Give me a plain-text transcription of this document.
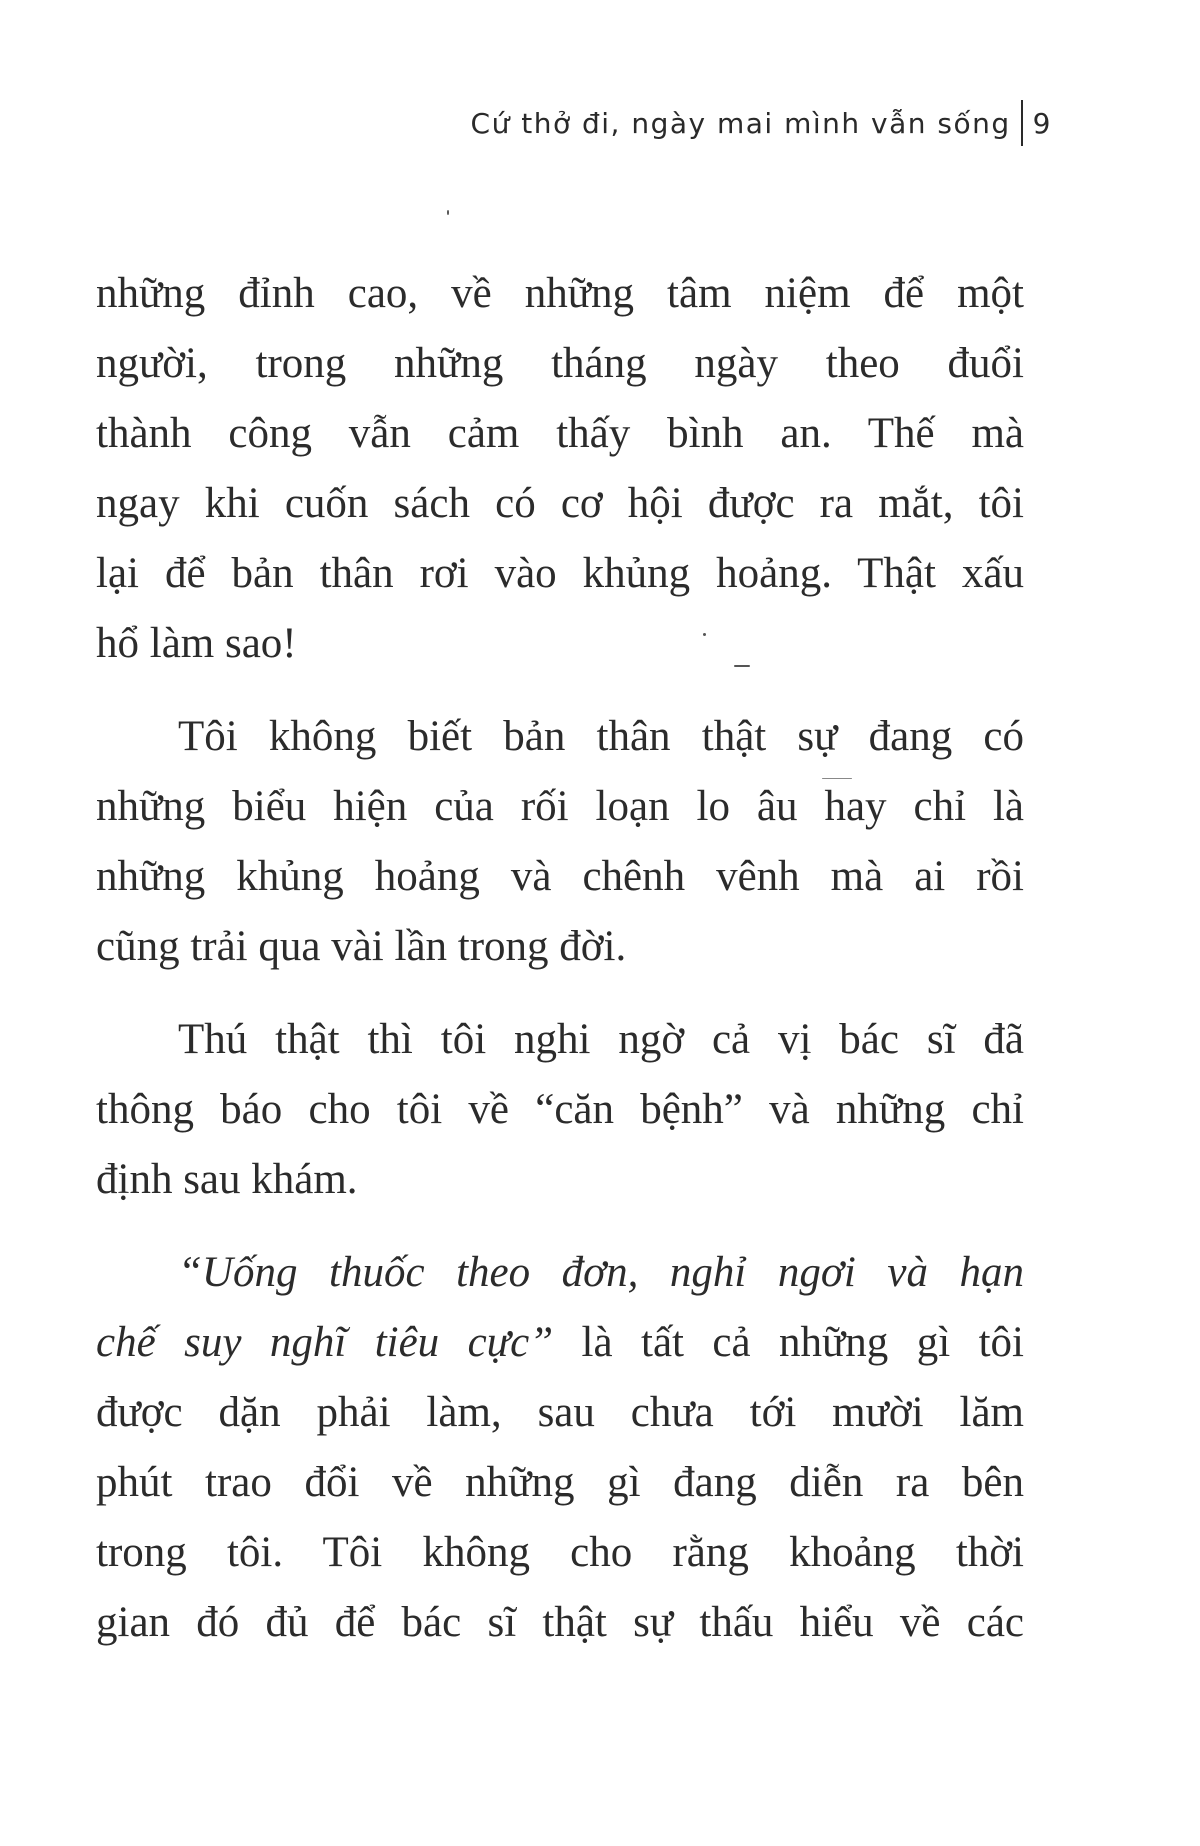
Cứ thở đi, ngày mai mình vẫn sống 9
những đỉnh cao, về những tâm niệm để một
người, trong những tháng ngày theo đuổi
thành công vẫn cảm thấy bình an. Thế mà
ngay khi cuốn sách có cơ hội được ra mắt, tôi
lại để bản thân rơi vào khủng hoảng. Thật xấu
hổ làm sao!
Tôi không biết bản thân thật sự đang có
những biểu hiện của rối loạn lo âu hay chỉ là
những khủng hoảng và chênh vênh mà ai rồi
cũng trải qua vài lần trong đời.
Thú thật thì tôi nghi ngờ cả vị bác sĩ đã
thông báo cho tôi về “căn bệnh” và những chỉ
định sau khám.
“Uống thuốc theo đơn, nghỉ ngơi và hạn
chế suy nghĩ tiêu cực” là tất cả những gì tôi
được dặn phải làm, sau chưa tới mười lăm
phút trao đổi về những gì đang diễn ra bên
trong tôi. Tôi không cho rằng khoảng thời
gian đó đủ để bác sĩ thật sự thấu hiểu về các
